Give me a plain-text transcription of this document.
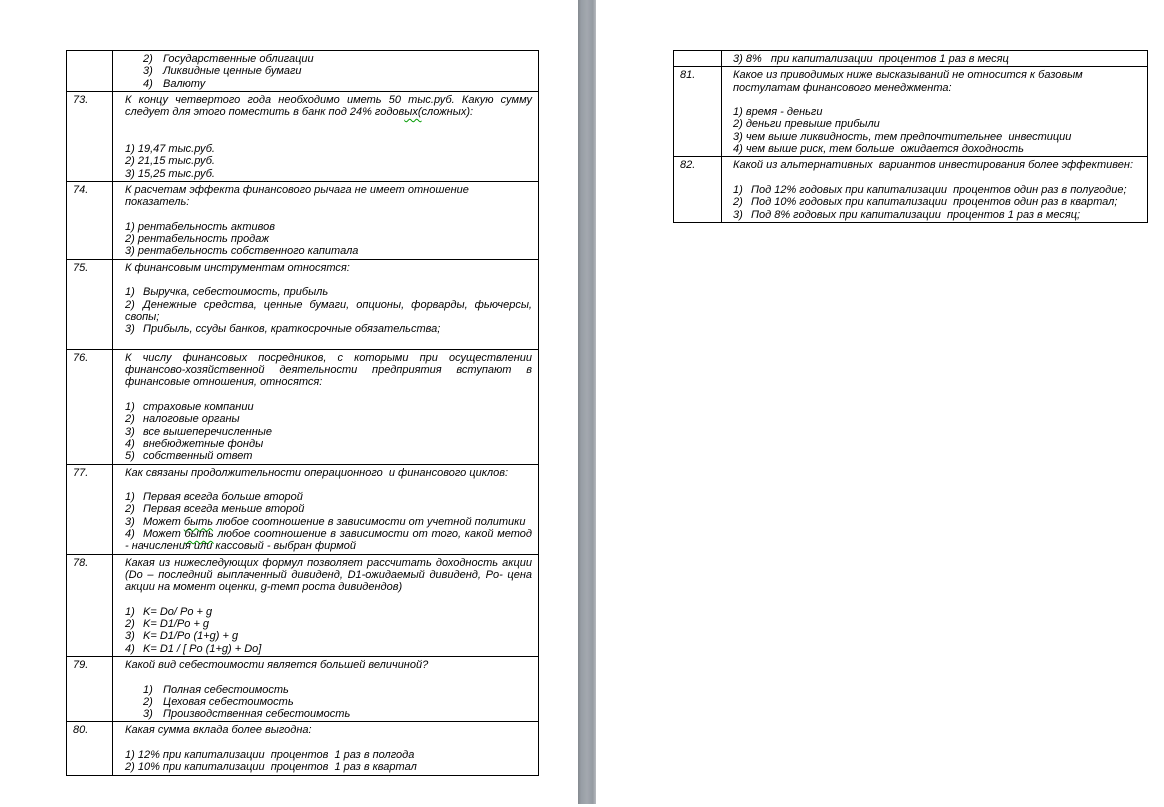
2) Государственные облигации
3) Ликвидные ценные бумаги
4) Валюту
73.	К концу четвертого года необходимо иметь 50 тыс.руб. Какую сумму
следует для этого поместить в банк под 24% годовых(сложных):
1) 19,47 тыс.руб.
2) 21,15 тыс.руб.
3) 15,25 тыс.руб.
74.	К расчетам эффекта финансового рычага не имеет отношение
показатель:
1) рентабельность активов
2) рентабельность продаж
3) рентабельность собственного капитала
75.	К финансовым инструментам относятся:
1) Выручка, себестоимость, прибыль
2) Денежные средства, ценные бумаги, опционы, форварды, фьючерсы,
свопы;
3) Прибыль, ссуды банков, краткосрочные обязательства;
76.	К числу финансовых посредников, с которыми при осуществлении
финансово-хозяйственной деятельности предприятия вступают в
финансовые отношения, относятся:
1) страховые компании
2) налоговые органы
3) все вышеперечисленные
4) внебюджетные фонды
5) собственный ответ
77.	Как связаны продолжительности операционного  и финансового циклов:
1) Первая всегда больше второй
2) Первая всегда меньше второй
3) Может быть любое соотношение в зависимости от учетной политики
4) Может быть любое соотношение в зависимости от того, какой метод
- начисления или кассовый - выбран фирмой
78.	Какая из нижеследующих формул позволяет рассчитать доходность акции
(Do – последний выплаченный дивиденд, D1-ожидаемый дивиденд, Po- цена
акции на момент оценки, g-темп роста дивидендов)
1) K= Do/ Po + g
2) K= D1/Po + g
3) K= D1/Po (1+g) + g
4) K= D1 / [ Po (1+g) + Do]
79.	Какой вид себестоимости является большей величиной?
1) Полная себестоимость
2) Цеховая себестоимость
3) Производственная себестоимость
80.	Какая сумма вклада более выгодна:
1) 12% при капитализации  процентов  1 раз в полгода
2) 10% при капитализации  процентов  1 раз в квартал
3) 8%   при капитализации  процентов 1 раз в месяц
81.	Какое из приводимых ниже высказываний не относится к базовым
постулатам финансового менеджмента:
1) время - деньги
2) деньги превыше прибыли
3) чем выше ликвидность, тем предпочтительнее  инвестиции
4) чем выше риск, тем больше  ожидается доходность
82.	Какой из альтернативных  вариантов инвестирования более эффективен:
1) Под 12% годовых при капитализации  процентов один раз в полугодие;
2) Под 10% годовых при капитализации  процентов один раз в квартал;
3) Под 8% годовых при капитализации  процентов 1 раз в месяц;
